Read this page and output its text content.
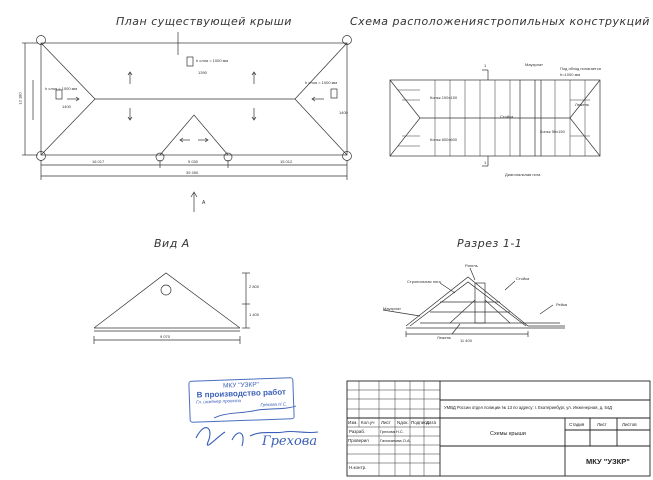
План существующей крыши
h слоя = 1000 мм
1390
h слоя = 1000 мм
1400
h слоя = 1000 мм
1400
16 017	5 030	15 012
39 450
12 180
A
Схема расположениястропильных конструкций
1
1
Мауэрлат
Под обход полагается
h=1000 мм
Коньк 100х150
Коньк 600х600
Стойка
Лежень
Коньк 50х150
Диагональная нога
Вид А
2 800
1 400
9 070
Разрез 1-1
Ригель
Стойка
Стропильная нога
Мауэрлат
Лежень
Рейка
11 400
МКУ "УЗКР"
В производство работ
Гл. инженер проекта	Грехова Н.С.
Грехова
УМВД России отдел полиции № 13 по адресу: г. Екатеринбург, ул. Инженерная, д. 54Д
Схемы крыши
МКУ "УЗКР"
Изм. Кол.уч Лист Nдок. Подпись
Дата
Разраб.	Грехова Н.С.
Проверил	Галиханова О.А.
Н.контр.
Стадия	Лист	Листов
